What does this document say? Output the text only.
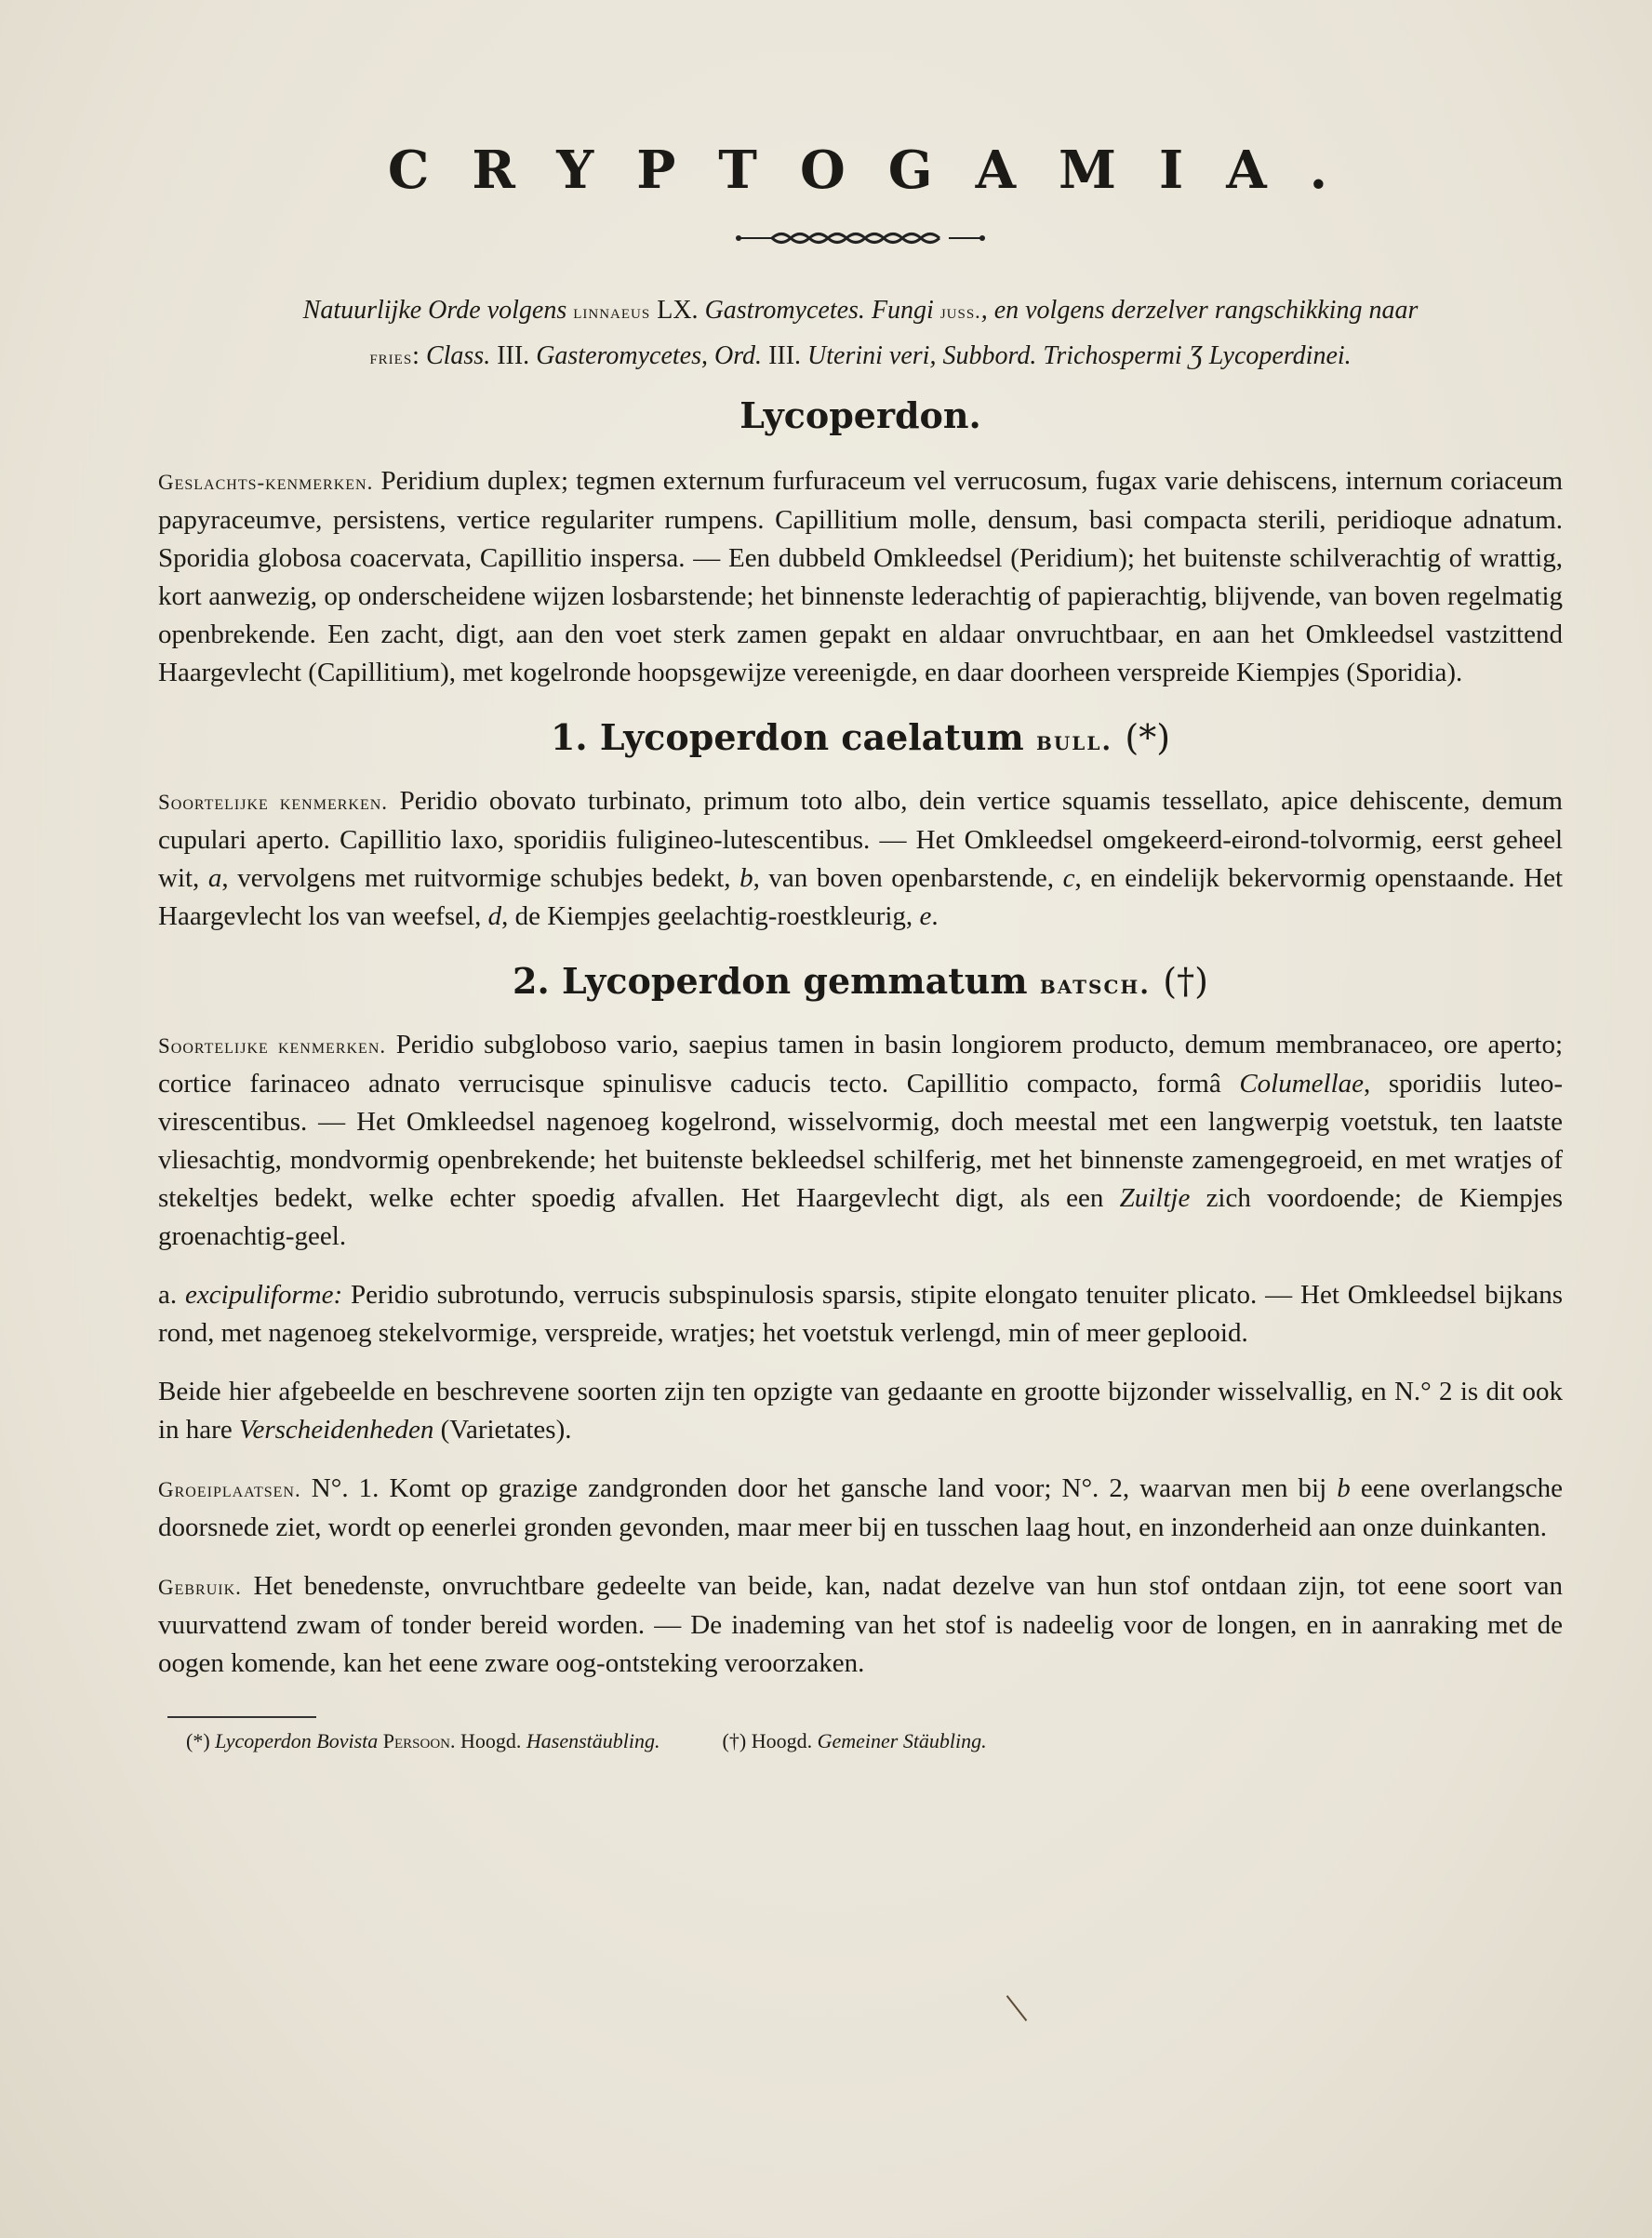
CRYPTOGAMIA.
Natuurlijke Orde volgens linnaeus LX. Gastromycetes. Fungi juss., en volgens derzelver rangschikking naar
fries: Class. III. Gasteromycetes, Ord. III. Uterini veri, Subbord. Trichospermi Ʒ Lycoperdinei.
Lycoperdon.

Geslachts-kenmerken. Peridium duplex; tegmen externum furfuraceum vel verrucosum, fugax varie dehiscens, internum coriaceum papyraceumve, persistens, vertice regulariter rumpens. Capillitium molle, densum, basi compacta sterili, peridioque adnatum. Sporidia globosa coacervata, Capillitio inspersa. — Een dubbeld Omkleedsel (Peridium); het buitenste schilverachtig of wrattig, kort aanwezig, op onderscheidene wijzen losbarstende; het binnenste lederachtig of papierachtig, blijvende, van boven regelmatig openbrekende. Een zacht, digt, aan den voet sterk zamen gepakt en aldaar onvruchtbaar, en aan het Omkleedsel vastzittend Haargevlecht (Capillitium), met kogelronde hoopsgewijze vereenigde, en daar doorheen verspreide Kiempjes (Sporidia).

1. Lycoperdon caelatum bull. (*)

Soortelijke kenmerken. Peridio obovato turbinato, primum toto albo, dein vertice squamis tessellato, apice dehiscente, demum cupulari aperto. Capillitio laxo, sporidiis fuligineo-lutescentibus. — Het Omkleedsel omgekeerd-eirond-tolvormig, eerst geheel wit, a, vervolgens met ruitvormige schubjes bedekt, b, van boven openbarstende, c, en eindelijk bekervormig openstaande. Het Haargevlecht los van weefsel, d, de Kiempjes geelachtig-roestkleurig, e.

2. Lycoperdon gemmatum batsch. (†)

Soortelijke kenmerken. Peridio subgloboso vario, saepius tamen in basin longiorem producto, demum membranaceo, ore aperto; cortice farinaceo adnato verrucisque spinulisve caducis tecto. Capillitio compacto, formâ Columellae, sporidiis luteo-virescentibus. — Het Omkleedsel nagenoeg kogelrond, wisselvormig, doch meestal met een langwerpig voetstuk, ten laatste vliesachtig, mondvormig openbrekende; het buitenste bekleedsel schilferig, met het binnenste zamengegroeid, en met wratjes of stekeltjes bedekt, welke echter spoedig afvallen. Het Haargevlecht digt, als een Zuiltje zich voordoende; de Kiempjes groenachtig-geel.

a. excipuliforme: Peridio subrotundo, verrucis subspinulosis sparsis, stipite elongato tenuiter plicato. — Het Omkleedsel bijkans rond, met nagenoeg stekelvormige, verspreide, wratjes; het voetstuk verlengd, min of meer geplooid.

Beide hier afgebeelde en beschrevene soorten zijn ten opzigte van gedaante en grootte bijzonder wisselvallig, en N.° 2 is dit ook in hare Verscheidenheden (Varietates).

Groeiplaatsen. N°. 1. Komt op grazige zandgronden door het gansche land voor; N°. 2, waarvan men bij b eene overlangsche doorsnede ziet, wordt op eenerlei gronden gevonden, maar meer bij en tusschen laag hout, en inzonderheid aan onze duinkanten.

Gebruik. Het benedenste, onvruchtbare gedeelte van beide, kan, nadat dezelve van hun stof ontdaan zijn, tot eene soort van vuurvattend zwam of tonder bereid worden. — De inademing van het stof is nadeelig voor de longen, en in aanraking met de oogen komende, kan het eene zware oog-ontsteking veroorzaken.

(*) Lycoperdon Bovista Persoon. Hoogd. Hasenstäubling.	(†) Hoogd. Gemeiner Stäubling.
